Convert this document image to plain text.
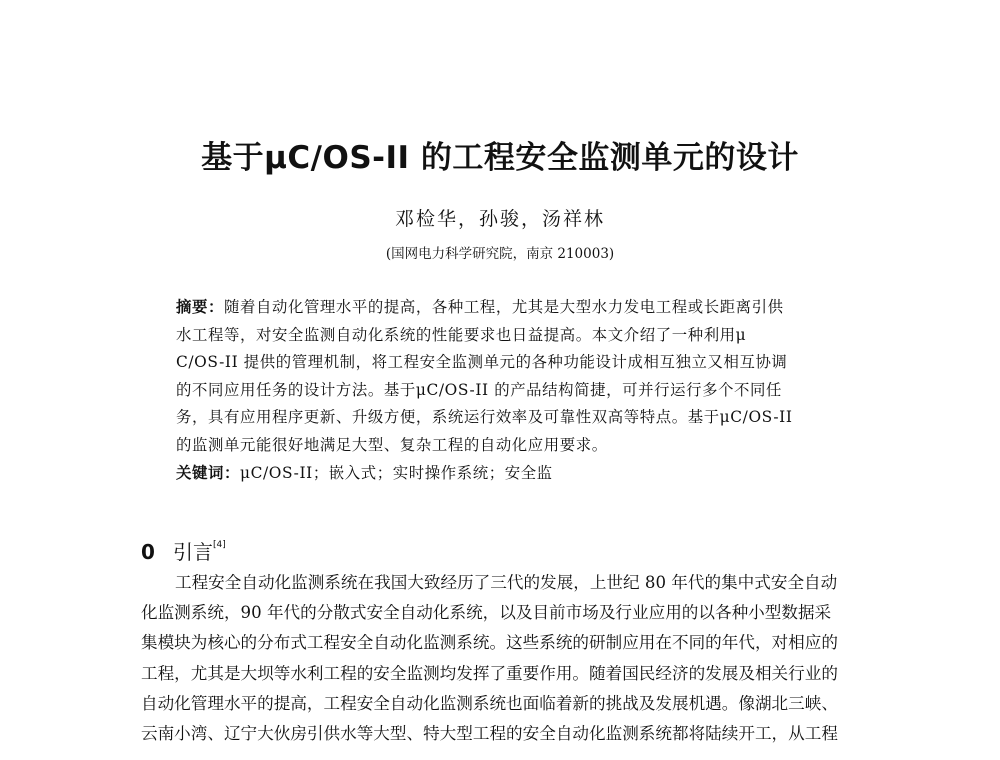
基于μC/OS-II 的工程安全监测单元的设计
邓检华，孙骏，汤祥林
(国网电力科学研究院，南京 210003)
摘要：随着自动化管理水平的提高，各种工程，尤其是大型水力发电工程或长距离引供
水工程等，对安全监测自动化系统的性能要求也日益提高。本文介绍了一种利用μ
C/OS-II 提供的管理机制，将工程安全监测单元的各种功能设计成相互独立又相互协调
的不同应用任务的设计方法。基于μC/OS-II 的产品结构简捷，可并行运行多个不同任
务，具有应用程序更新、升级方便，系统运行效率及可靠性双高等特点。基于μC/OS-II
的监测单元能很好地满足大型、复杂工程的自动化应用要求。
关键词：μC/OS-II；嵌入式；实时操作系统；安全监
0 引言[4]
工程安全自动化监测系统在我国大致经历了三代的发展，上世纪 80 年代的集中式安全自动
化监测系统，90 年代的分散式安全自动化系统，以及目前市场及行业应用的以各种小型数据采
集模块为核心的分布式工程安全自动化监测系统。这些系统的研制应用在不同的年代，对相应的
工程，尤其是大坝等水利工程的安全监测均发挥了重要作用。随着国民经济的发展及相关行业的
自动化管理水平的提高，工程安全自动化监测系统也面临着新的挑战及发展机遇。像湖北三峡、
云南小湾、辽宁大伙房引供水等大型、特大型工程的安全自动化监测系统都将陆续开工，从工程
